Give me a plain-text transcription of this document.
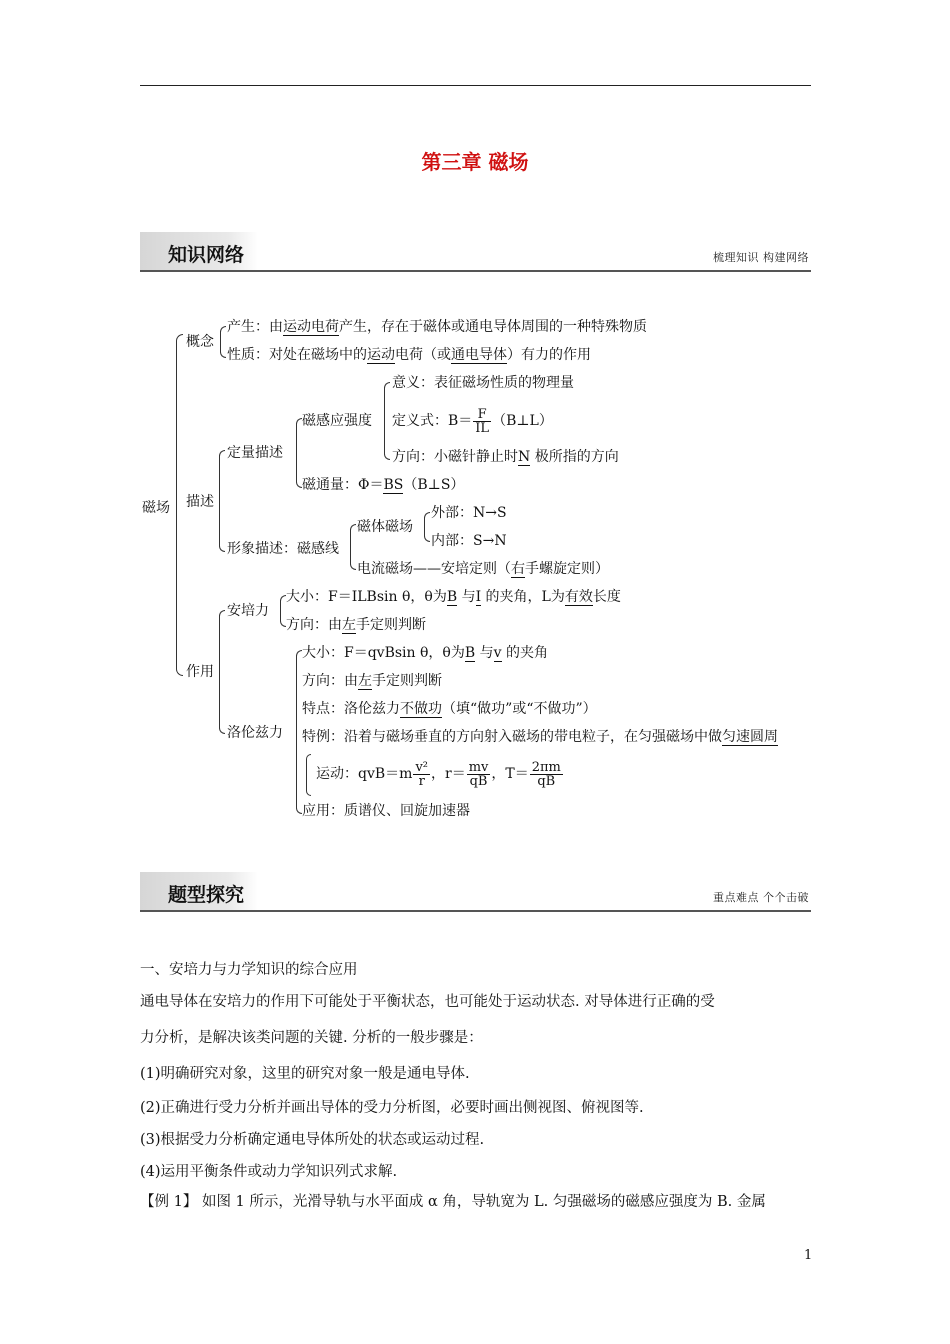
第三章 磁场
知识网络	梳理知识 构建网络
磁场
概念
产生：由运动电荷产生，存在于磁体或通电导体周围的一种特殊物质
性质：对处在磁场中的运动电荷（或通电导体）有力的作用
描述
定量描述
磁感应强度
意义：表征磁场性质的物理量
定义式：$B= \frac{F}{IL}$ （B⊥L）
方向：小磁针静止时N 极所指的方向
磁通量：Φ＝BS（B⊥S）
形象描述：磁感线
磁体磁场
外部：N→S
内部：S→N
电流磁场——安培定则（右手螺旋定则）
作用
安培力
大小：F＝ILBsin θ，θ为B 与I 的夹角，L为有效长度
方向：由左手定则判断
洛伦兹力
大小：F＝qvBsin θ，θ为B 与v 的夹角
方向：由左手定则判断
特点：洛伦兹力不做功（填“做功”或“不做功”）
特例：沿着与磁场垂直的方向射入磁场的带电粒子，在匀强磁场中做匀速圆周
运动：$qvB=m \frac{\text{v²}}{r}$ ，$r= \frac{mv}{qB}$ ，$T= \frac{2\pi m}{qB}$
应用：质谱仪、回旋加速器
题型探究	重点难点 个个击破
一、安培力与力学知识的综合应用
通电导体在安培力的作用下可能处于平衡状态，也可能处于运动状态. 对导体进行正确的受
力分析，是解决该类问题的关键. 分析的一般步骤是：
(1)明确研究对象，这里的研究对象一般是通电导体.
(2)正确进行受力分析并画出导体的受力分析图，必要时画出侧视图、俯视图等.
(3)根据受力分析确定通电导体所处的状态或运动过程.
(4)运用平衡条件或动力学知识列式求解.
【例 1】 如图 1 所示，光滑导轨与水平面成 α 角，导轨宽为 L. 匀强磁场的磁感应强度为 B. 金属
1
